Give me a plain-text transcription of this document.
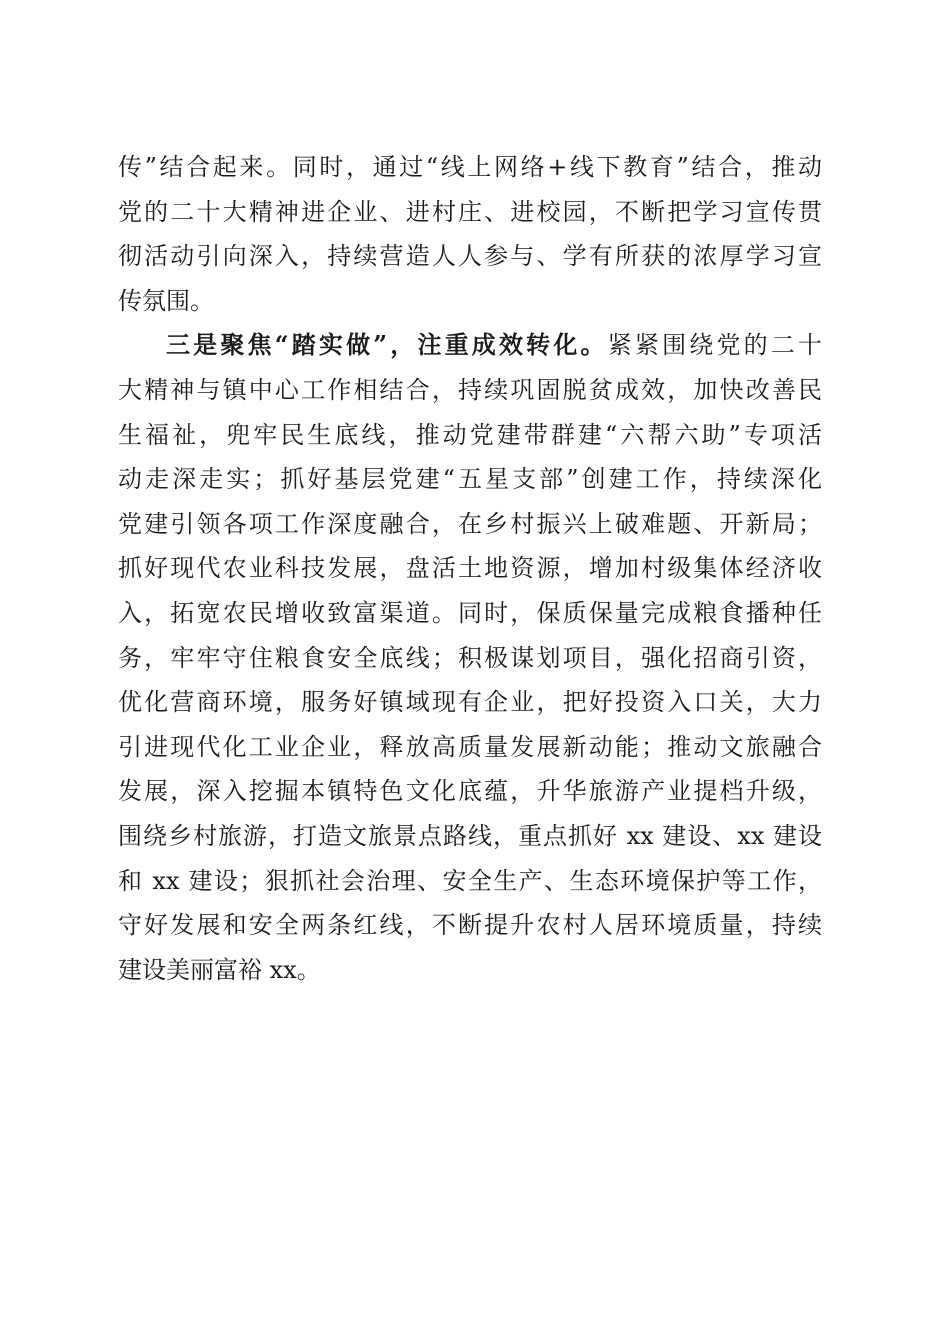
传”结合起来。同时，通过“线上网络+线下教育”结合，推动
党的二十大精神进企业、进村庄、进校园，不断把学习宣传贯
彻活动引向深入，持续营造人人参与、学有所获的浓厚学习宣
传氛围。
三是聚焦“踏实做”，注重成效转化。紧紧围绕党的二十
大精神与镇中心工作相结合，持续巩固脱贫成效，加快改善民
生福祉，兜牢民生底线，推动党建带群建“六帮六助”专项活
动走深走实；抓好基层党建“五星支部”创建工作，持续深化
党建引领各项工作深度融合，在乡村振兴上破难题、开新局；
抓好现代农业科技发展，盘活土地资源，增加村级集体经济收
入，拓宽农民增收致富渠道。同时，保质保量完成粮食播种任
务，牢牢守住粮食安全底线；积极谋划项目，强化招商引资，
优化营商环境，服务好镇域现有企业，把好投资入口关，大力
引进现代化工业企业，释放高质量发展新动能；推动文旅融合
发展，深入挖掘本镇特色文化底蕴，升华旅游产业提档升级，
围绕乡村旅游，打造文旅景点路线，重点抓好 xx 建设、xx 建设
和 xx 建设；狠抓社会治理、安全生产、生态环境保护等工作，
守好发展和安全两条红线，不断提升农村人居环境质量，持续
建设美丽富裕 xx。
